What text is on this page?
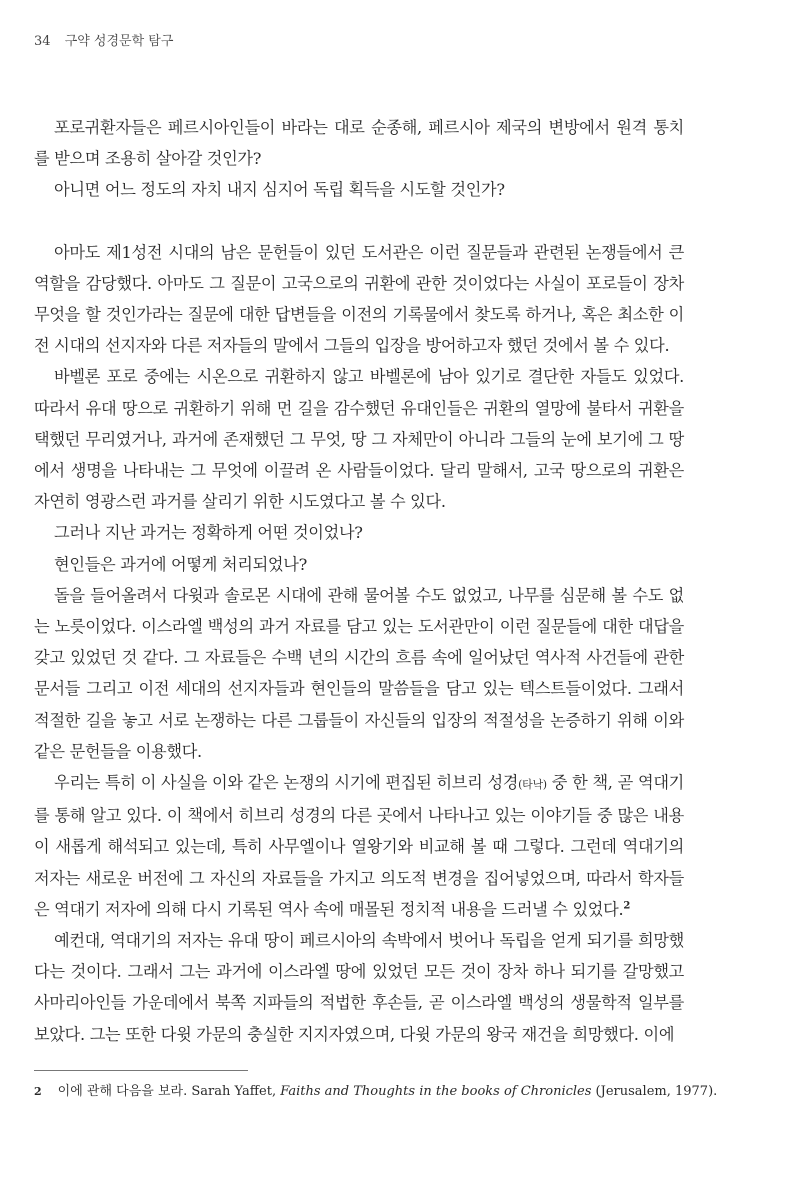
34 구약 성경문학 탐구

포로귀환자들은 페르시아인들이 바라는 대로 순종해, 페르시아 제국의 변방에서 원격 통치를 받으며 조용히 살아갈 것인가?

아니면 어느 정도의 자치 내지 심지어 독립 획득을 시도할 것인가?

아마도 제1성전 시대의 남은 문헌들이 있던 도서관은 이런 질문들과 관련된 논쟁들에서 큰 역할을 감당했다. 아마도 그 질문이 고국으로의 귀환에 관한 것이었다는 사실이 포로들이 장차 무엇을 할 것인가라는 질문에 대한 답변들을 이전의 기록물에서 찾도록 하거나, 혹은 최소한 이전 시대의 선지자와 다른 저자들의 말에서 그들의 입장을 방어하고자 했던 것에서 볼 수 있다.

바벨론 포로 중에는 시온으로 귀환하지 않고 바벨론에 남아 있기로 결단한 자들도 있었다. 따라서 유대 땅으로 귀환하기 위해 먼 길을 감수했던 유대인들은 귀환의 열망에 불타서 귀환을 택했던 무리였거나, 과거에 존재했던 그 무엇, 땅 그 자체만이 아니라 그들의 눈에 보기에 그 땅에서 생명을 나타내는 그 무엇에 이끌려 온 사람들이었다. 달리 말해서, 고국 땅으로의 귀환은 자연히 영광스런 과거를 살리기 위한 시도였다고 볼 수 있다.

그러나 지난 과거는 정확하게 어떤 것이었나?

현인들은 과거에 어떻게 처리되었나?

돌을 들어올려서 다윗과 솔로몬 시대에 관해 물어볼 수도 없었고, 나무를 심문해 볼 수도 없는 노릇이었다. 이스라엘 백성의 과거 자료를 담고 있는 도서관만이 이런 질문들에 대한 대답을 갖고 있었던 것 같다. 그 자료들은 수백 년의 시간의 흐름 속에 일어났던 역사적 사건들에 관한 문서들 그리고 이전 세대의 선지자들과 현인들의 말씀들을 담고 있는 텍스트들이었다. 그래서 적절한 길을 놓고 서로 논쟁하는 다른 그룹들이 자신들의 입장의 적절성을 논증하기 위해 이와 같은 문헌들을 이용했다.

우리는 특히 이 사실을 이와 같은 논쟁의 시기에 편집된 히브리 성경(타낙) 중 한 책, 곧 역대기를 통해 알고 있다. 이 책에서 히브리 성경의 다른 곳에서 나타나고 있는 이야기들 중 많은 내용이 새롭게 해석되고 있는데, 특히 사무엘이나 열왕기와 비교해 볼 때 그렇다. 그런데 역대기의 저자는 새로운 버전에 그 자신의 자료들을 가지고 의도적 변경을 집어넣었으며, 따라서 학자들은 역대기 저자에 의해 다시 기록된 역사 속에 매몰된 정치적 내용을 드러낼 수 있었다.$^2$

예컨대, 역대기의 저자는 유대 땅이 페르시아의 속박에서 벗어나 독립을 얻게 되기를 희망했다는 것이다. 그래서 그는 과거에 이스라엘 땅에 있었던 모든 것이 장차 하나 되기를 갈망했고 사마리아인들 가운데에서 북쪽 지파들의 적법한 후손들, 곧 이스라엘 백성의 생물학적 일부를 보았다. 그는 또한 다윗 가문의 충실한 지지자였으며, 다윗 가문의 왕국 재건을 희망했다. 이에

2 이에 관해 다음을 보라. Sarah Yaffet, Faiths and Thoughts in the books of Chronicles (Jerusalem, 1977).
